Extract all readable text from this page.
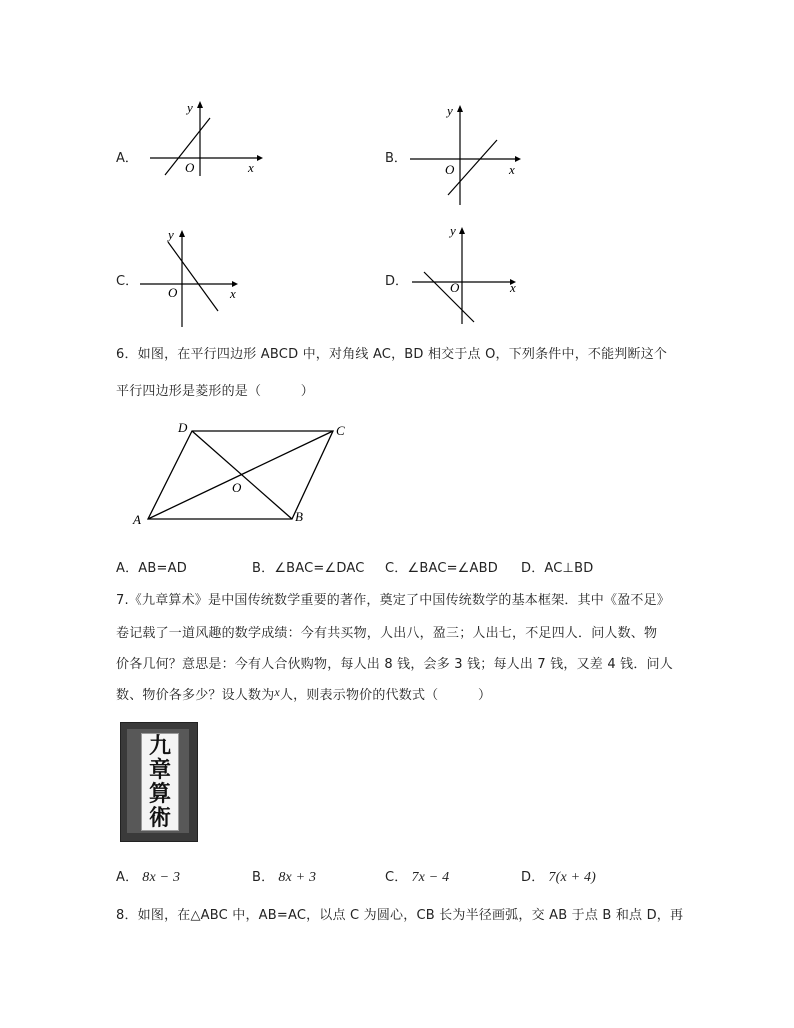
A．
y
x
O
B．
y
x
O
C．
y
x
O
D．
y
x
O
6．如图，在平行四边形 ABCD 中，对角线 AC，BD 相交于点 O，下列条件中，不能判断这个
平行四边形是菱形的是（　　　）
A	B
C
D
O
A．AB=AD	B．∠BAC=∠DAC C．∠BAC=∠ABD D．AC⊥BD
7.《九章算术》是中国传统数学重要的著作，奠定了中国传统数学的基本框架．其中《盈不足》
卷记载了一道风趣的数学成绩：今有共买物，人出八，盈三；人出七，不足四人．问人数、物
价各几何？意思是：今有人合伙购物，每人出 8 钱，会多 3 钱；每人出 7 钱，又差 4 钱．问人
数、物价各多少？设人数为x人，则表示物价的代数式（　　　）
九
章
算
術
A． 8x − 3	B． 8x + 3	C． 7x − 4	D． 7(x + 4)
8．如图，在△ABC 中，AB=AC，以点 C 为圆心，CB 长为半径画弧，交 AB 于点 B 和点 D，再
